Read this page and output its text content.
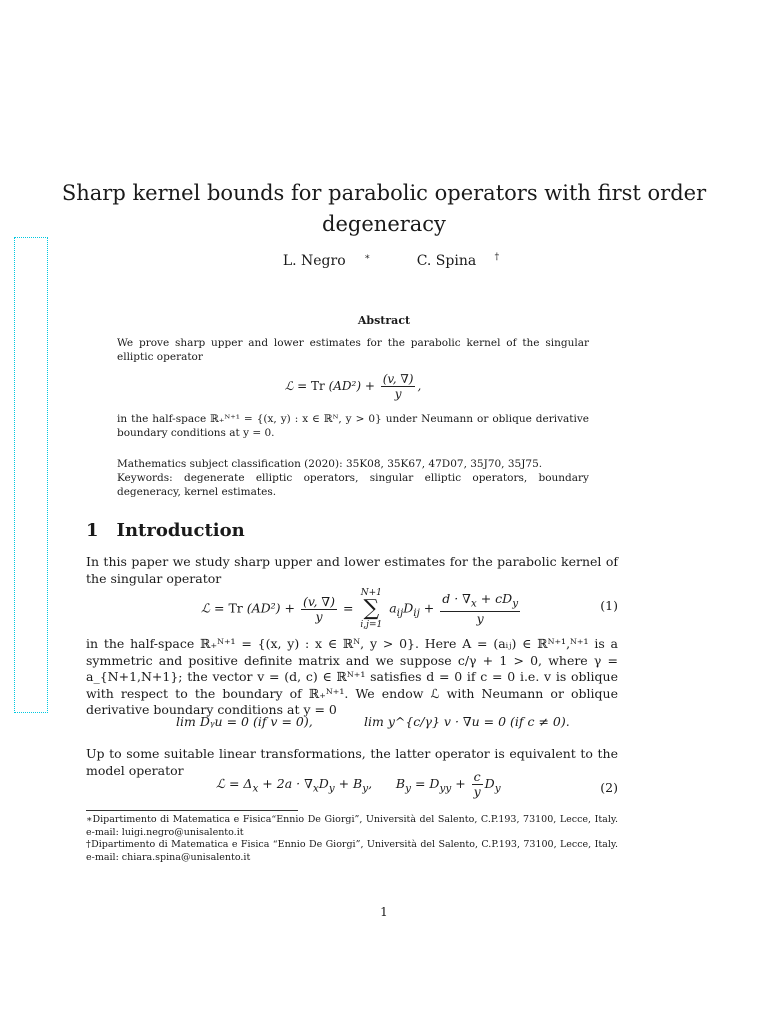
Sharp kernel bounds for parabolic operators with first order degeneracy
L. Negro ∗	C. Spina †
Abstract
We prove sharp upper and lower estimates for the parabolic kernel of the singular elliptic operator
ℒ = Tr $(AD^2) + \frac{(v, \nabla)}{y}$ ,
in the half-space ℝ₊ᴺ⁺¹ = {(x, y) : x ∈ ℝᴺ, y > 0} under Neumann or oblique derivative boundary conditions at y = 0.
Mathematics subject classification (2020): 35K08, 35K67, 47D07, 35J70, 35J75.
Keywords: degenerate elliptic operators, singular elliptic operators, boundary degeneracy, kernel estimates.
1 Introduction
In this paper we study sharp upper and lower estimates for the parabolic kernel of the singular operator
ℒ = Tr $(AD^2) + \frac{(v, \nabla)}{y}$ =
N+1
∑
i,j=1
$a_{ij}D_{ij} + \frac{d \cdot \nabla_x + cD_y}{y}$	(1)
in the half-space ℝ₊ᴺ⁺¹ = {(x, y) : x ∈ ℝᴺ, y > 0}. Here A = (aᵢⱼ) ∈ ℝᴺ⁺¹,ᴺ⁺¹ is a symmetric and positive definite matrix and we suppose c/γ + 1 > 0, where γ = a_{N+1,N+1}; the vector v = (d, c) ∈ ℝᴺ⁺¹ satisfies d = 0 if c = 0 i.e. v is oblique with respect to the boundary of ℝ₊ᴺ⁺¹. We endow ℒ with Neumann or oblique derivative boundary conditions at y = 0
lim Dᵧu = 0 (if v = 0),	lim y^{c/γ} v · ∇u = 0 (if c ≠ 0).
Up to some suitable linear transformations, the latter operator is equivalent to the model operator
ℒ = $\Delta_x + 2a \cdot \nabla_xD_y + B_y$,      $B_y = D_{yy} + \frac{c}{y} D_y$	(2)
∗Dipartimento di Matematica e Fisica“Ennio De Giorgi”, Università del Salento, C.P.193, 73100, Lecce, Italy. e-mail: luigi.negro@unisalento.it
†Dipartimento di Matematica e Fisica “Ennio De Giorgi”, Università del Salento, C.P.193, 73100, Lecce, Italy. e-mail: chiara.spina@unisalento.it
1
